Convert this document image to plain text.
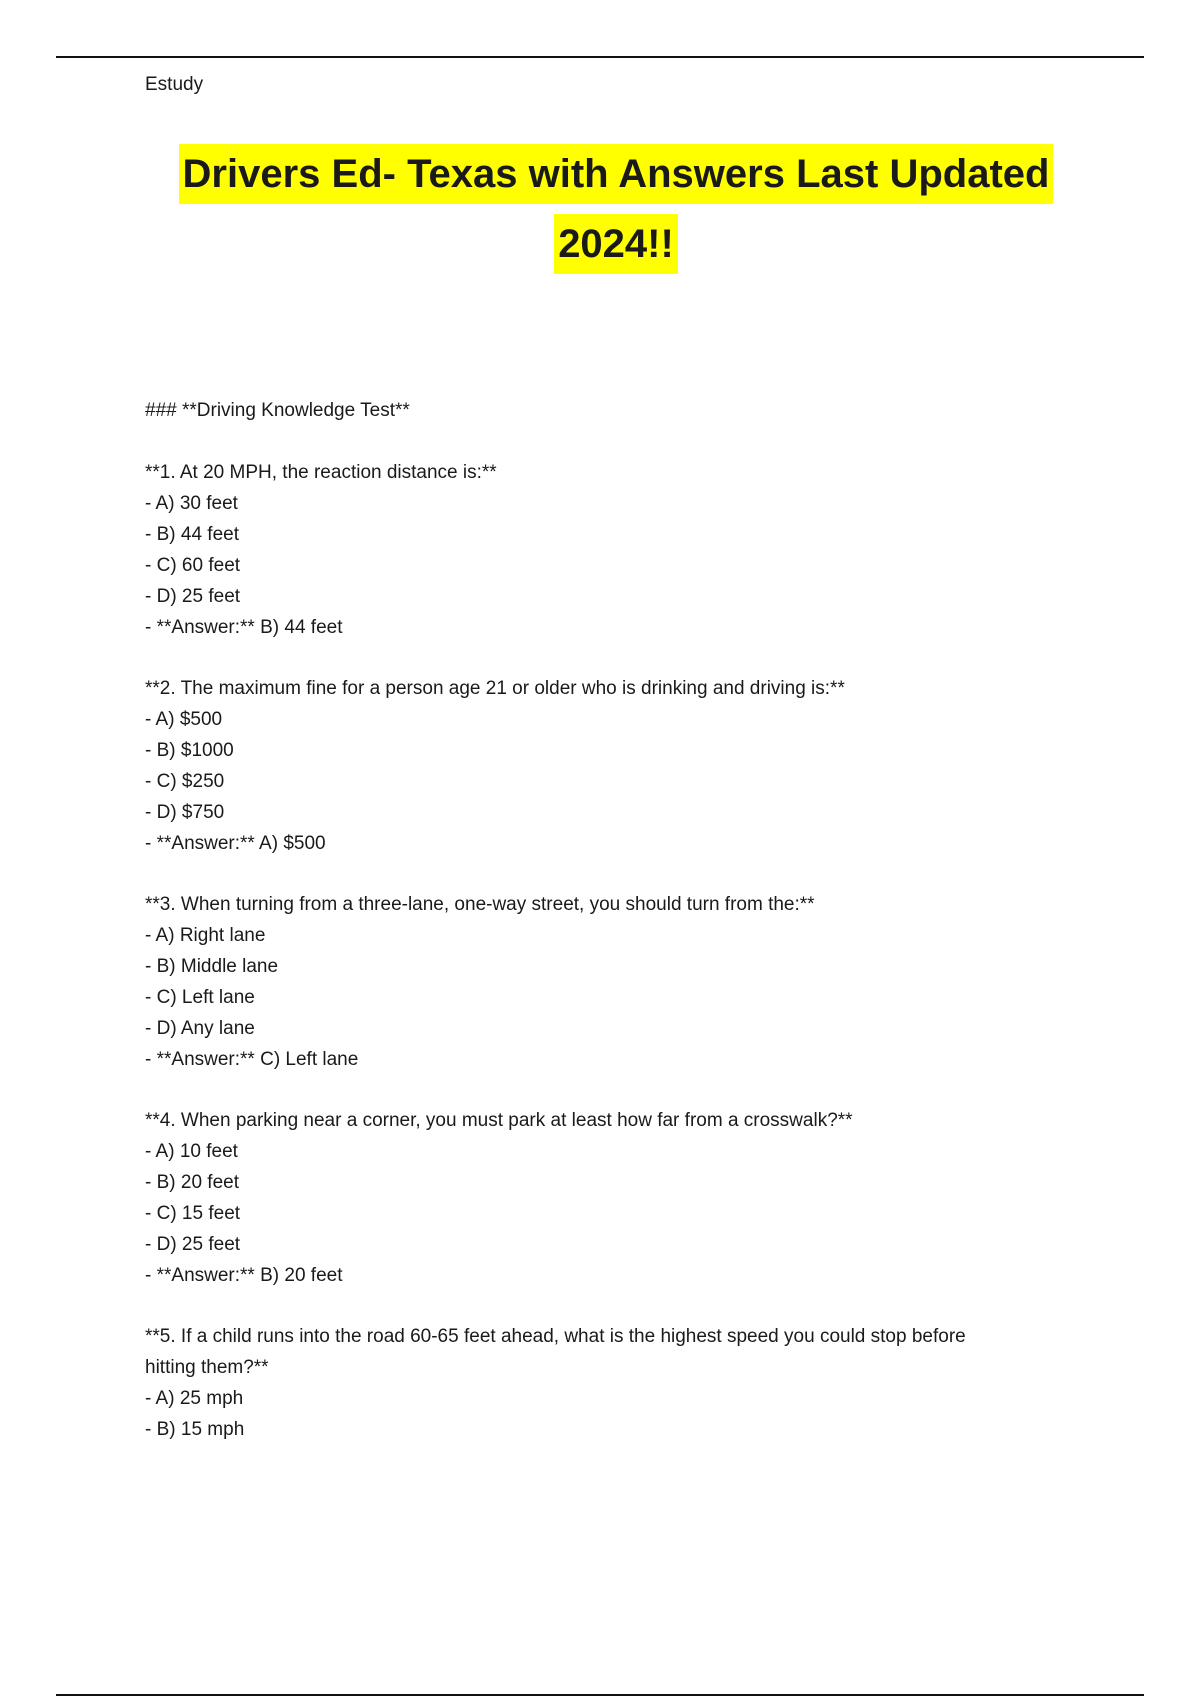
Estudy
Drivers Ed- Texas with Answers Last Updated
2024!!
### **Driving Knowledge Test**
**1. At 20 MPH, the reaction distance is:**
- A) 30 feet
- B) 44 feet
- C) 60 feet
- D) 25 feet
- **Answer:** B) 44 feet
**2. The maximum fine for a person age 21 or older who is drinking and driving is:**
- A) $500
- B) $1000
- C) $250
- D) $750
- **Answer:** A) $500
**3. When turning from a three-lane, one-way street, you should turn from the:**
- A) Right lane
- B) Middle lane
- C) Left lane
- D) Any lane
- **Answer:** C) Left lane
**4. When parking near a corner, you must park at least how far from a crosswalk?**
- A) 10 feet
- B) 20 feet
- C) 15 feet
- D) 25 feet
- **Answer:** B) 20 feet
**5. If a child runs into the road 60-65 feet ahead, what is the highest speed you could stop before
hitting them?**
- A) 25 mph
- B) 15 mph
